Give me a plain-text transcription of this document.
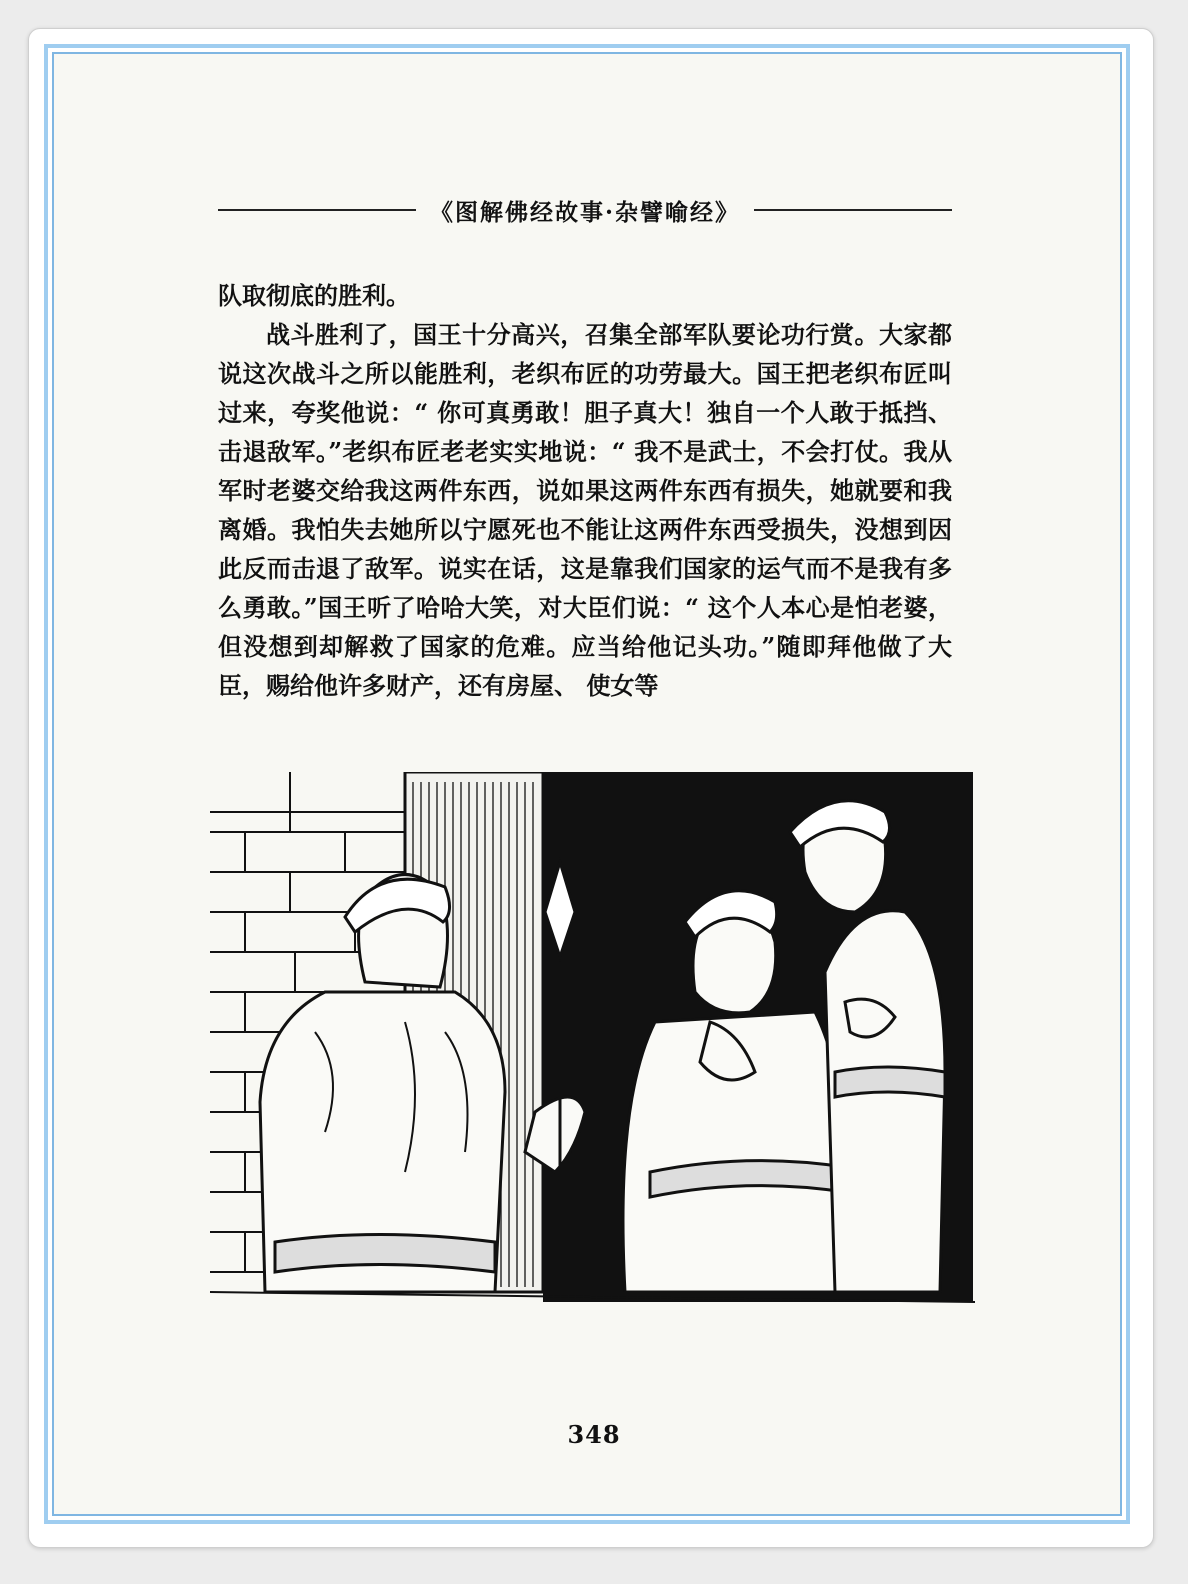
《图解佛经故事·杂譬喻经》

队取彻底的胜利。

战斗胜利了，国王十分高兴，召集全部军队要论功行赏。大家都说这次战斗之所以能胜利，老织布匠的功劳最大。国王把老织布匠叫过来，夸奖他说：“ 你可真勇敢！胆子真大！独自一个人敢于抵挡、击退敌军。”老织布匠老老实实地说：“ 我不是武士，不会打仗。我从军时老婆交给我这两件东西，说如果这两件东西有损失，她就要和我离婚。我怕失去她所以宁愿死也不能让这两件东西受损失，没想到因此反而击退了敌军。说实在话，这是靠我们国家的运气而不是我有多么勇敢。”国王听了哈哈大笑，对大臣们说：“ 这个人本心是怕老婆，但没想到却解救了国家的危难。应当给他记头功。”随即拜他做了大臣，赐给他许多财产，还有房屋、 使女等

348
